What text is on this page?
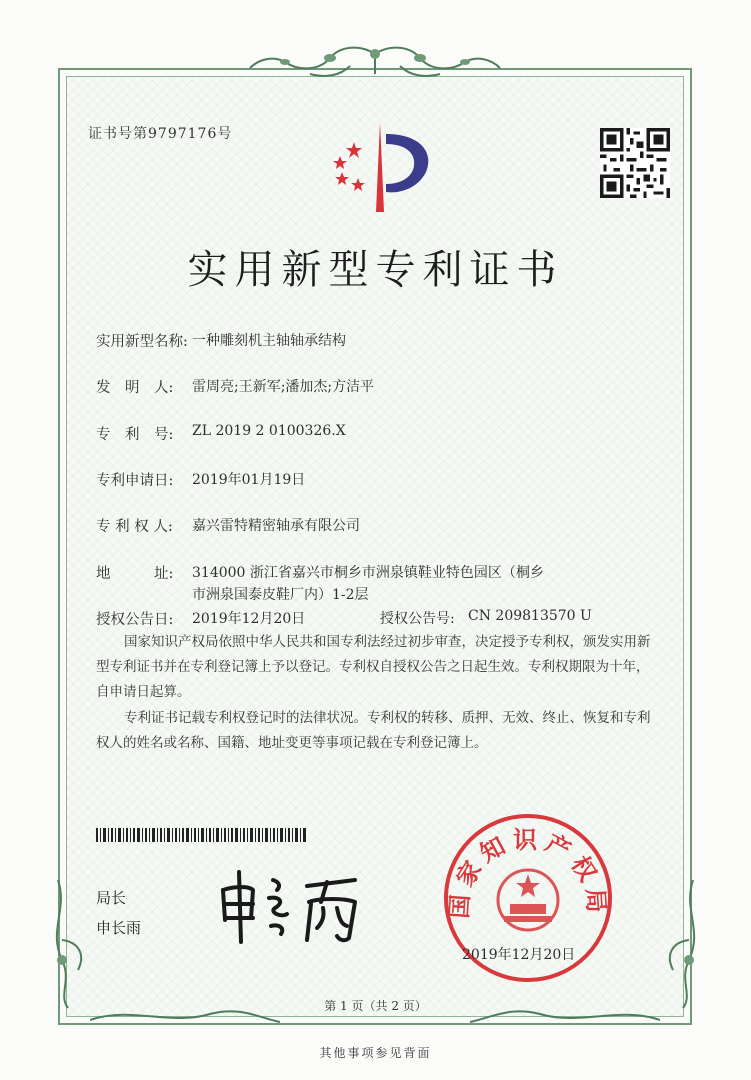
证书号第9797176号
实用新型专利证书
实用新型名称: 一种雕刻机主轴轴承结构
发　明　人: 雷周亮;王新军;潘加杰;方洁平
专　利　号: ZL 2019 2 0100326.X
专利申请日: 2019年01月19日
专 利 权 人: 嘉兴雷特精密轴承有限公司
地　　　址: 314000 浙江省嘉兴市桐乡市洲泉镇鞋业特色园区（桐乡
市洲泉国泰皮鞋厂内）1-2层
授权公告日: 2019年12月20日	授权公告号: CN 209813570 U
国家知识产权局依照中华人民共和国专利法经过初步审查，决定授予专利权，颁发实用新型专利证书并在专利登记簿上予以登记。专利权自授权公告之日起生效。专利权期限为十年，自申请日起算。
专利证书记载专利权登记时的法律状况。专利权的转移、质押、无效、终止、恢复和专利权人的姓名或名称、国籍、地址变更等事项记载在专利登记簿上。
局长
申长雨
国家知识产权局
2019年12月20日
第 1 页（共 2 页）
其他事项参见背面
